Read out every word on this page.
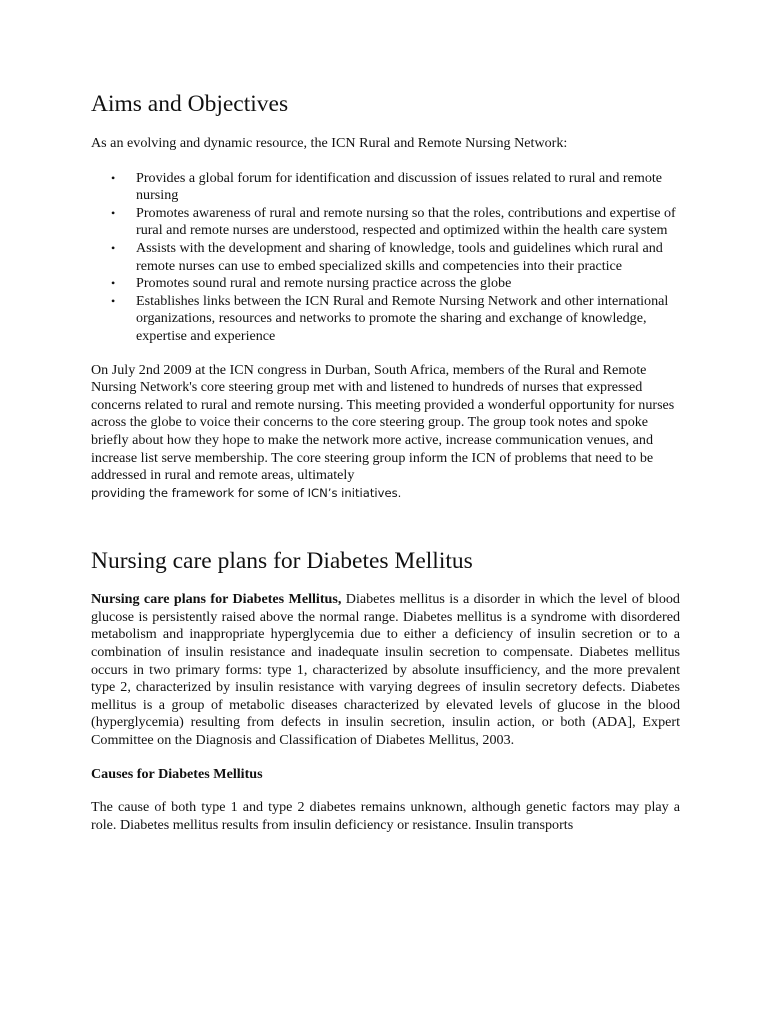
Aims and Objectives

As an evolving and dynamic resource, the ICN Rural and Remote Nursing Network:

• Provides a global forum for identification and discussion of issues related to rural and remote nursing
• Promotes awareness of rural and remote nursing so that the roles, contributions and expertise of rural and remote nurses are understood, respected and optimized within the health care system
• Assists with the development and sharing of knowledge, tools and guidelines which rural and remote nurses can use to embed specialized skills and competencies into their practice
• Promotes sound rural and remote nursing practice across the globe
• Establishes links between the ICN Rural and Remote Nursing Network and other international organizations, resources and networks to promote the sharing and exchange of knowledge, expertise and experience

On July 2nd 2009 at the ICN congress in Durban, South Africa, members of the Rural and Remote Nursing Network's core steering group met with and listened to hundreds of nurses that expressed concerns related to rural and remote nursing. This meeting provided a wonderful opportunity for nurses across the globe to voice their concerns to the core steering group. The group took notes and spoke briefly about how they hope to make the network more active, increase communication venues, and increase list serve membership. The core steering group inform the ICN of problems that need to be addressed in rural and remote areas, ultimately
providing the framework for some of ICN’s initiatives.

Nursing care plans for Diabetes Mellitus

Nursing care plans for Diabetes Mellitus, Diabetes mellitus is a disorder in which the level of blood glucose is persistently raised above the normal range. Diabetes mellitus is a syndrome with disordered metabolism and inappropriate hyperglycemia due to either a deficiency of insulin secretion or to a combination of insulin resistance and inadequate insulin secretion to compensate. Diabetes mellitus occurs in two primary forms: type 1, characterized by absolute insufficiency, and the more prevalent type 2, characterized by insulin resistance with varying degrees of insulin secretory defects. Diabetes mellitus is a group of metabolic diseases characterized by elevated levels of glucose in the blood (hyperglycemia) resulting from defects in insulin secretion, insulin action, or both (ADA], Expert Committee on the Diagnosis and Classification of Diabetes Mellitus, 2003.

Causes for Diabetes Mellitus

The cause of both type 1 and type 2 diabetes remains unknown, although genetic factors may play a role. Diabetes mellitus results from insulin deficiency or resistance. Insulin transports
